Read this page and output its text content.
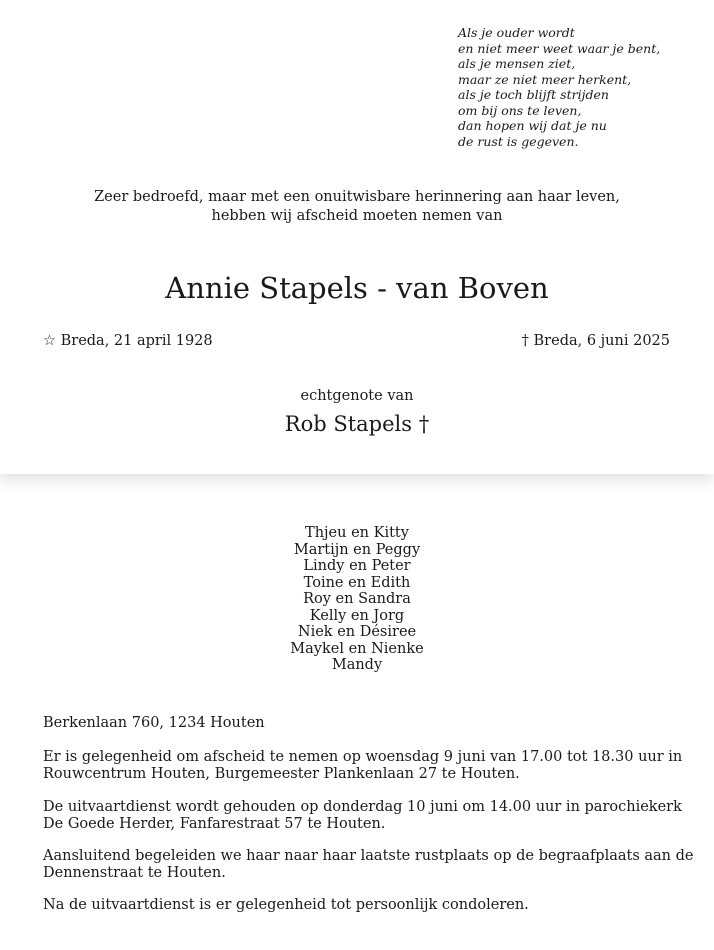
Als je ouder wordt
en niet meer weet waar je bent,
als je mensen ziet,
maar ze niet meer herkent,
als je toch blijft strijden
om bij ons te leven,
dan hopen wij dat je nu
de rust is gegeven.
Zeer bedroefd, maar met een onuitwisbare herinnering aan haar leven,
hebben wij afscheid moeten nemen van
Annie Stapels - van Boven
☆ Breda, 21 april 1928	† Breda, 6 juni 2025
echtgenote van
Rob Stapels †
Thjeu en Kitty
Martijn en Peggy
Lindy en Peter
Toine en Edith
Roy en Sandra
Kelly en Jorg
Niek en Désiree
Maykel en Nienke
Mandy
Berkenlaan 760, 1234 Houten
Er is gelegenheid om afscheid te nemen op woensdag 9 juni van 17.00 tot 18.30 uur in
Rouwcentrum Houten, Burgemeester Plankenlaan 27 te Houten.
De uitvaartdienst wordt gehouden op donderdag 10 juni om 14.00 uur in parochiekerk
De Goede Herder, Fanfarestraat 57 te Houten.
Aansluitend begeleiden we haar naar haar laatste rustplaats op de begraafplaats aan de
Dennenstraat te Houten.
Na de uitvaartdienst is er gelegenheid tot persoonlijk condoleren.
